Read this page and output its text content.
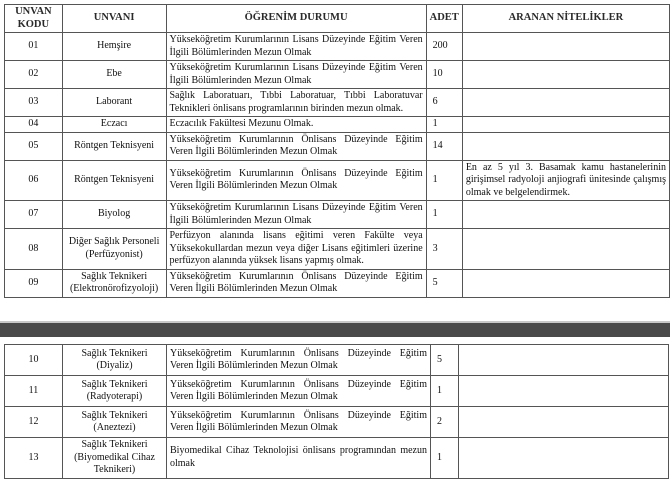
UNVAN KODU	UNVANI	ÖĞRENİM DURUMU	ADET	ARANAN NİTELİKLER
01	Hemşire	Yükseköğretim Kurumlarının Lisans Düzeyinde Eğitim Veren İlgili Bölümlerinden Mezun Olmak	200	
02	Ebe	Yükseköğretim Kurumlarının Lisans Düzeyinde Eğitim Veren İlgili Bölümlerinden Mezun Olmak	10	
03	Laborant	Sağlık Laboratuarı, Tıbbi Laboratuar, Tıbbi Laboratuvar Teknikleri önlisans programlarının birinden mezun olmak.	6	
04	Eczacı	Eczacılık Fakültesi Mezunu Olmak.	1	
05	Röntgen Teknisyeni	Yükseköğretim Kurumlarının Önlisans Düzeyinde Eğitim Veren İlgili Bölümlerinden Mezun Olmak	14	
06	Röntgen Teknisyeni	Yükseköğretim Kurumlarının Önlisans Düzeyinde Eğitim Veren İlgili Bölümlerinden Mezun Olmak	1	En az 5 yıl 3. Basamak kamu hastanelerinin girişimsel radyoloji anjiografi ünitesinde çalışmış olmak ve belgelendirmek.
07	Biyolog	Yükseköğretim Kurumlarının Lisans Düzeyinde Eğitim Veren İlgili Bölümlerinden Mezun Olmak	1	
08	Diğer Sağlık Personeli (Perfüzyonist)	Perfüzyon alanında lisans eğitimi veren Fakülte veya Yüksekokullardan mezun veya diğer Lisans eğitimleri üzerine perfüzyon alanında yüksek lisans yapmış olmak.	3	
09	Sağlık Teknikeri (Elektronörofizyoloji)	Yükseköğretim Kurumlarının Önlisans Düzeyinde Eğitim Veren İlgili Bölümlerinden Mezun Olmak	5	
10	Sağlık Teknikeri (Diyaliz)	Yükseköğretim Kurumlarının Önlisans Düzeyinde Eğitim Veren İlgili Bölümlerinden Mezun Olmak	5	
11	Sağlık Teknikeri (Radyoterapi)	Yükseköğretim Kurumlarının Önlisans Düzeyinde Eğitim Veren İlgili Bölümlerinden Mezun Olmak	1	
12	Sağlık Teknikeri (Aneztezi)	Yükseköğretim Kurumlarının Önlisans Düzeyinde Eğitim Veren İlgili Bölümlerinden Mezun Olmak	2	
13	Sağlık Teknikeri (Biyomedikal Cihaz Teknikeri)	Biyomedikal Cihaz Teknolojisi önlisans programından mezun olmak	1	
